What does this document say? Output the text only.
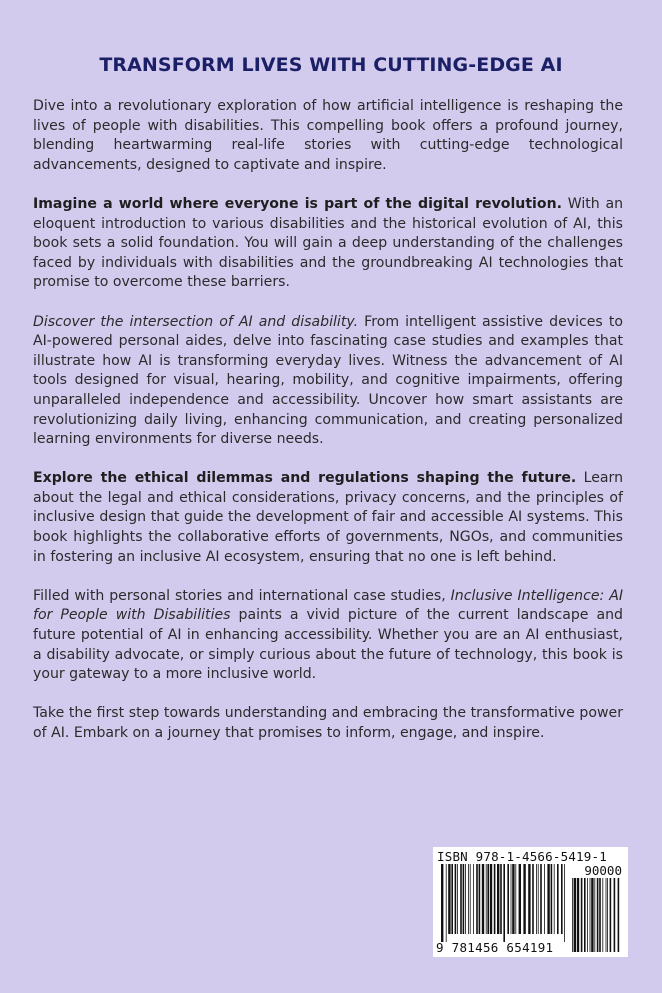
TRANSFORM LIVES WITH CUTTING-EDGE AI

Dive into a revolutionary exploration of how artificial intelligence is reshaping the lives of people with disabilities. This compelling book offers a profound journey, blending heartwarming real-life stories with cutting-edge technological advancements, designed to captivate and inspire.

Imagine a world where everyone is part of the digital revolution. With an eloquent introduction to various disabilities and the historical evolution of AI, this book sets a solid foundation. You will gain a deep understanding of the challenges faced by individuals with disabilities and the groundbreaking AI technologies that promise to overcome these barriers.

Discover the intersection of AI and disability. From intelligent assistive devices to AI-powered personal aides, delve into fascinating case studies and examples that illustrate how AI is transforming everyday lives. Witness the advancement of AI tools designed for visual, hearing, mobility, and cognitive impairments, offering unparalleled independence and accessibility. Uncover how smart assistants are revolutionizing daily living, enhancing communication, and creating personalized learning environments for diverse needs.

Explore the ethical dilemmas and regulations shaping the future. Learn about the legal and ethical considerations, privacy concerns, and the principles of inclusive design that guide the development of fair and accessible AI systems. This book highlights the collaborative efforts of governments, NGOs, and communities in fostering an inclusive AI ecosystem, ensuring that no one is left behind.

Filled with personal stories and international case studies, Inclusive Intelligence: AI for People with Disabilities paints a vivid picture of the current landscape and future potential of AI in enhancing accessibility. Whether you are an AI enthusiast, a disability advocate, or simply curious about the future of technology, this book is your gateway to a more inclusive world.

Take the first step towards understanding and embracing the transformative power of AI. Embark on a journey that promises to inform, engage, and inspire.

ISBN 978-1-4566-5419-1
90000
9 781456 654191
